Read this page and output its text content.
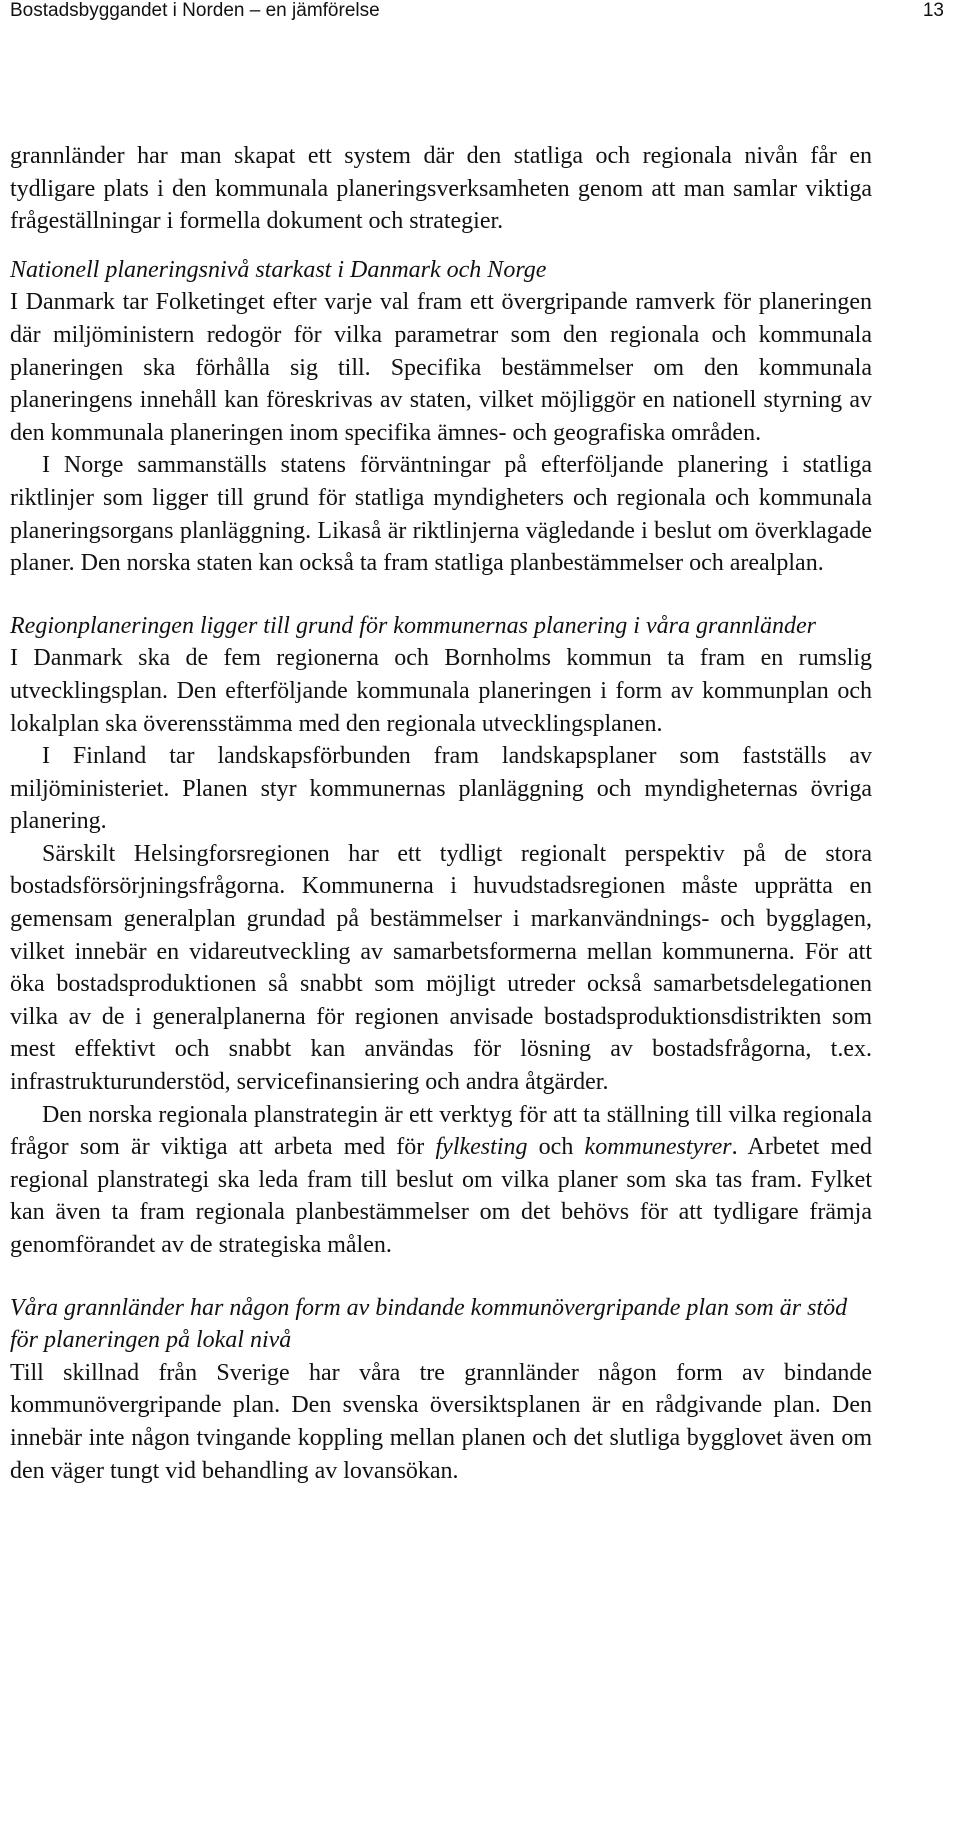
Bostadsbyggandet i Norden – en jämförelse	13

grannländer har man skapat ett system där den statliga och regionala nivån får en tydligare plats i den kommunala planeringsverksamheten genom att man samlar viktiga frågeställningar i formella dokument och strategier.

Nationell planeringsnivå starkast i Danmark och Norge

I Danmark tar Folketinget efter varje val fram ett övergripande ramverk för planeringen där miljöministern redogör för vilka parametrar som den regionala och kommunala planeringen ska förhålla sig till. Specifika bestämmelser om den kommunala planeringens innehåll kan föreskrivas av staten, vilket möjliggör en nationell styrning av den kommunala planeringen inom specifika ämnes- och geografiska områden.

I Norge sammanställs statens förväntningar på efterföljande planering i statliga riktlinjer som ligger till grund för statliga myndigheters och regionala och kommunala planeringsorgans planläggning. Likaså är riktlinjerna vägledande i beslut om överklagade planer. Den norska staten kan också ta fram statliga planbestämmelser och arealplan.

Regionplaneringen ligger till grund för kommunernas planering i våra grannländer

I Danmark ska de fem regionerna och Bornholms kommun ta fram en rumslig utvecklingsplan. Den efterföljande kommunala planeringen i form av kommunplan och lokalplan ska överensstämma med den regionala utvecklingsplanen.

I Finland tar landskapsförbunden fram landskapsplaner som fastställs av miljöministeriet. Planen styr kommunernas planläggning och myndigheternas övriga planering.

Särskilt Helsingforsregionen har ett tydligt regionalt perspektiv på de stora bostadsförsörjningsfrågorna. Kommunerna i huvudstadsregionen måste upprätta en gemensam generalplan grundad på bestämmelser i markanvändnings- och bygglagen, vilket innebär en vidareutveckling av samarbetsformerna mellan kommunerna. För att öka bostadsproduktionen så snabbt som möjligt utreder också samarbetsdelegationen vilka av de i generalplanerna för regionen anvisade bostadsproduktionsdistrikten som mest effektivt och snabbt kan användas för lösning av bostadsfrågorna, t.ex. infrastrukturunderstöd, servicefinansiering och andra åtgärder.

Den norska regionala planstrategin är ett verktyg för att ta ställning till vilka regionala frågor som är viktiga att arbeta med för fylkesting och kommunestyrer. Arbetet med regional planstrategi ska leda fram till beslut om vilka planer som ska tas fram. Fylket kan även ta fram regionala planbestämmelser om det behövs för att tydligare främja genomförandet av de strategiska målen.

Våra grannländer har någon form av bindande kommunövergripande plan som är stöd för planeringen på lokal nivå

Till skillnad från Sverige har våra tre grannländer någon form av bindande kommunövergripande plan. Den svenska översiktsplanen är en rådgivande plan. Den innebär inte någon tvingande koppling mellan planen och det slutliga bygglovet även om den väger tungt vid behandling av lovansökan.
